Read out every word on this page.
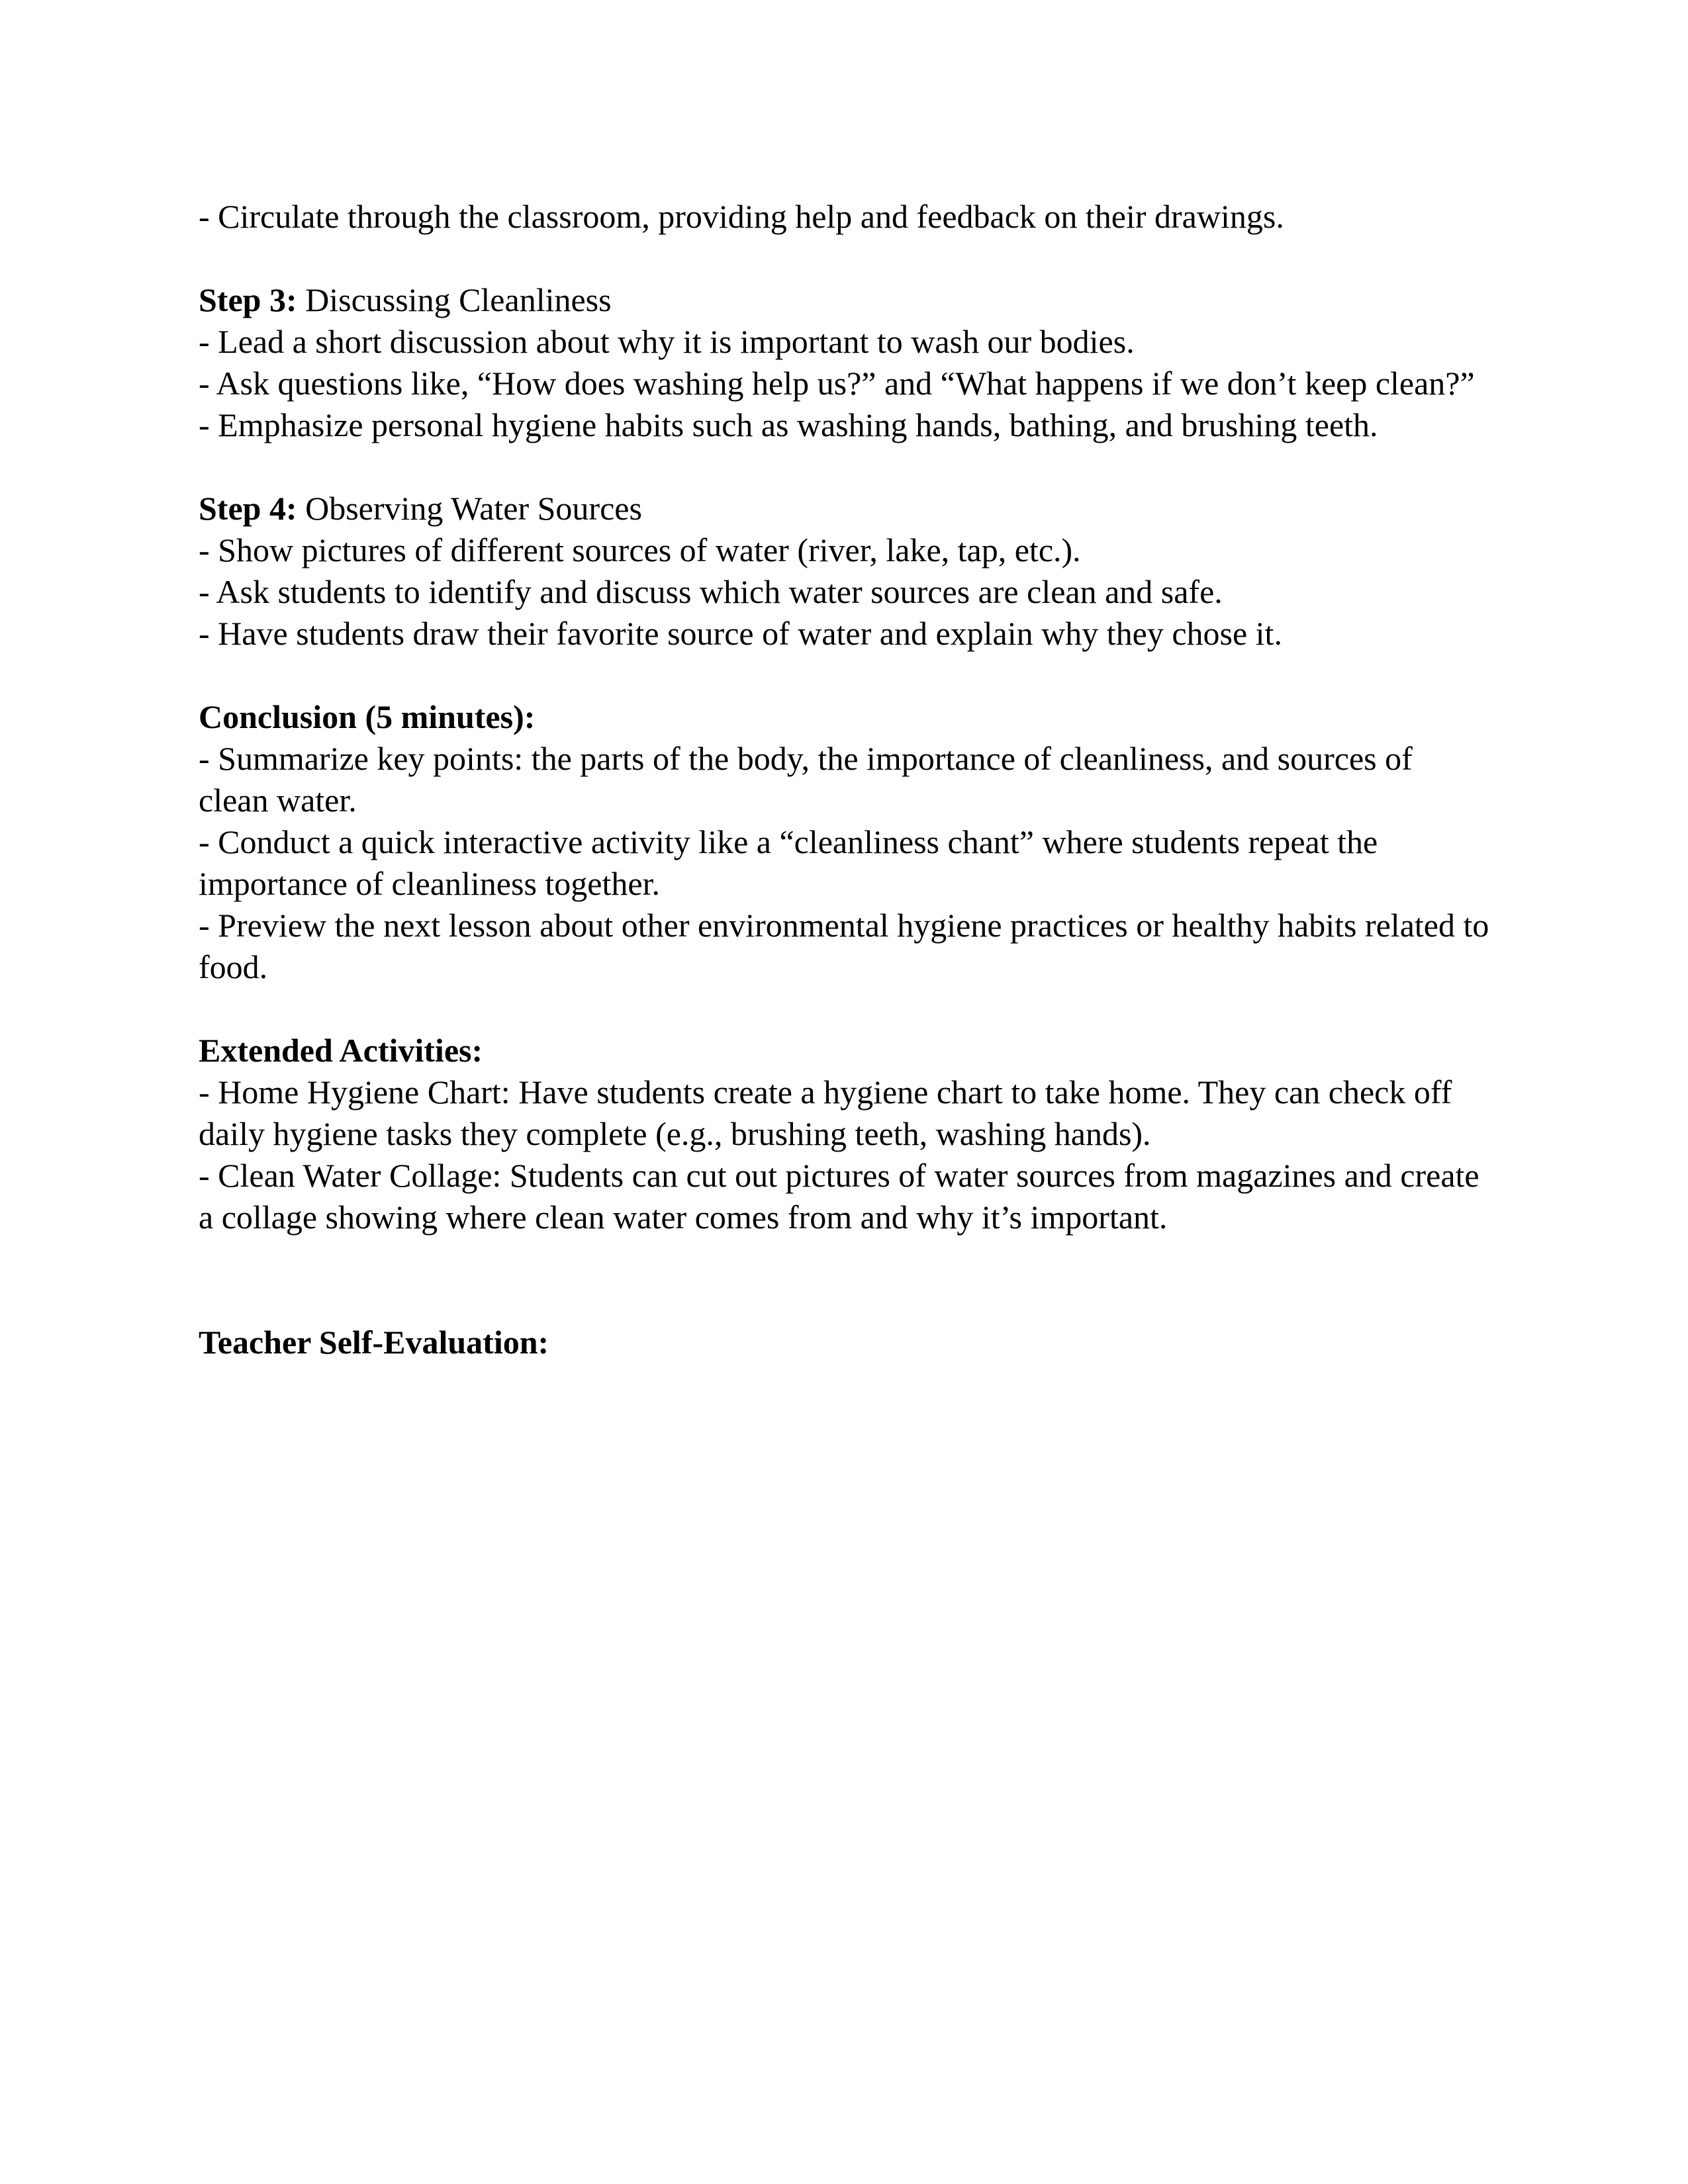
- Circulate through the classroom, providing help and feedback on their drawings.
Step 3: Discussing Cleanliness
- Lead a short discussion about why it is important to wash our bodies.
- Ask questions like, “How does washing help us?” and “What happens if we don’t keep clean?”
- Emphasize personal hygiene habits such as washing hands, bathing, and brushing teeth.
Step 4: Observing Water Sources
- Show pictures of different sources of water (river, lake, tap, etc.).
- Ask students to identify and discuss which water sources are clean and safe.
- Have students draw their favorite source of water and explain why they chose it.
Conclusion (5 minutes):
- Summarize key points: the parts of the body, the importance of cleanliness, and sources of
clean water.
- Conduct a quick interactive activity like a “cleanliness chant” where students repeat the
importance of cleanliness together.
- Preview the next lesson about other environmental hygiene practices or healthy habits related to
food.
Extended Activities:
- Home Hygiene Chart: Have students create a hygiene chart to take home. They can check off
daily hygiene tasks they complete (e.g., brushing teeth, washing hands).
- Clean Water Collage: Students can cut out pictures of water sources from magazines and create
a collage showing where clean water comes from and why it’s important.
Teacher Self-Evaluation:
